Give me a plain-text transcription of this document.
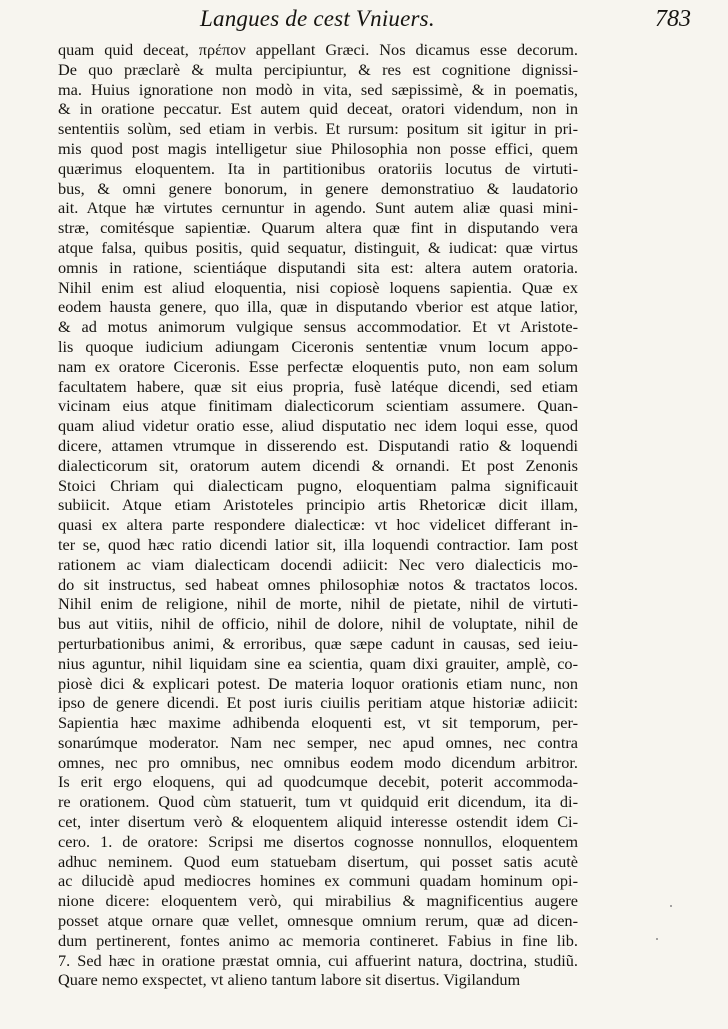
Langues de cest Vniuers.	783
quam quid deceat, πρέπον appellant Græci. Nos dicamus esse decorum.
De quo præclarè & multa percipiuntur, & res est cognitione dignissi-
ma. Huius ignoratione non modò in vita, sed sæpissimè, & in poematis,
& in oratione peccatur. Est autem quid deceat, oratori videndum, non in
sententiis solùm, sed etiam in verbis. Et rursum: positum sit igitur in pri-
mis quod post magis intelligetur siue Philosophia non posse effici, quem
quærimus eloquentem. Ita in partitionibus oratoriis locutus de virtuti-
bus, & omni genere bonorum, in genere demonstratiuo & laudatorio
ait. Atque hæ virtutes cernuntur in agendo. Sunt autem aliæ quasi mini-
stræ, comitésque sapientiæ. Quarum altera quæ fint in disputando vera
atque falsa, quibus positis, quid sequatur, distinguit, & iudicat: quæ virtus
omnis in ratione, scientiáque disputandi sita est: altera autem oratoria.
Nihil enim est aliud eloquentia, nisi copiosè loquens sapientia. Quæ ex
eodem hausta genere, quo illa, quæ in disputando vberior est atque latior,
& ad motus animorum vulgique sensus accommodatior. Et vt Aristote-
lis quoque iudicium adiungam Ciceronis sententiæ vnum locum appo-
nam ex oratore Ciceronis. Esse perfectæ eloquentis puto, non eam solum
facultatem habere, quæ sit eius propria, fusè latéque dicendi, sed etiam
vicinam eius atque finitimam dialecticorum scientiam assumere. Quan-
quam aliud videtur oratio esse, aliud disputatio nec idem loqui esse, quod
dicere, attamen vtrumque in disserendo est. Disputandi ratio & loquendi
dialecticorum sit, oratorum autem dicendi & ornandi. Et post Zenonis
Stoici Chriam qui dialecticam pugno, eloquentiam palma significauit
subiicit. Atque etiam Aristoteles principio artis Rhetoricæ dicit illam,
quasi ex altera parte respondere dialecticæ: vt hoc videlicet differant in-
ter se, quod hæc ratio dicendi latior sit, illa loquendi contractior. Iam post
rationem ac viam dialecticam docendi adiicit: Nec vero dialecticis mo-
do sit instructus, sed habeat omnes philosophiæ notos & tractatos locos.
Nihil enim de religione, nihil de morte, nihil de pietate, nihil de virtuti-
bus aut vitiis, nihil de officio, nihil de dolore, nihil de voluptate, nihil de
perturbationibus animi, & erroribus, quæ sæpe cadunt in causas, sed ieiu-
nius aguntur, nihil liquidam sine ea scientia, quam dixi grauiter, amplè, co-
piosè dici & explicari potest. De materia loquor orationis etiam nunc, non
ipso de genere dicendi. Et post iuris ciuilis peritiam atque historiæ adiicit:
Sapientia hæc maxime adhibenda eloquenti est, vt sit temporum, per-
sonarúmque moderator. Nam nec semper, nec apud omnes, nec contra
omnes, nec pro omnibus, nec omnibus eodem modo dicendum arbitror.
Is erit ergo eloquens, qui ad quodcumque decebit, poterit accommoda-
re orationem. Quod cùm statuerit, tum vt quidquid erit dicendum, ita di-
cet, inter disertum verò & eloquentem aliquid interesse ostendit idem Ci-
cero. 1. de oratore: Scripsi me disertos cognosse nonnullos, eloquentem
adhuc neminem. Quod eum statuebam disertum, qui posset satis acutè
ac dilucidè apud mediocres homines ex communi quadam hominum opi-
nione dicere: eloquentem verò, qui mirabilius & magnificentius augere
posset atque ornare quæ vellet, omnesque omnium rerum, quæ ad dicen-
dum pertinerent, fontes animo ac memoria contineret. Fabius in fine lib.
7. Sed hæc in oratione præstat omnia, cui affuerint natura, doctrina, studiũ.
Quare nemo exspectet, vt alieno tantum labore sit disertus. Vigilandum
